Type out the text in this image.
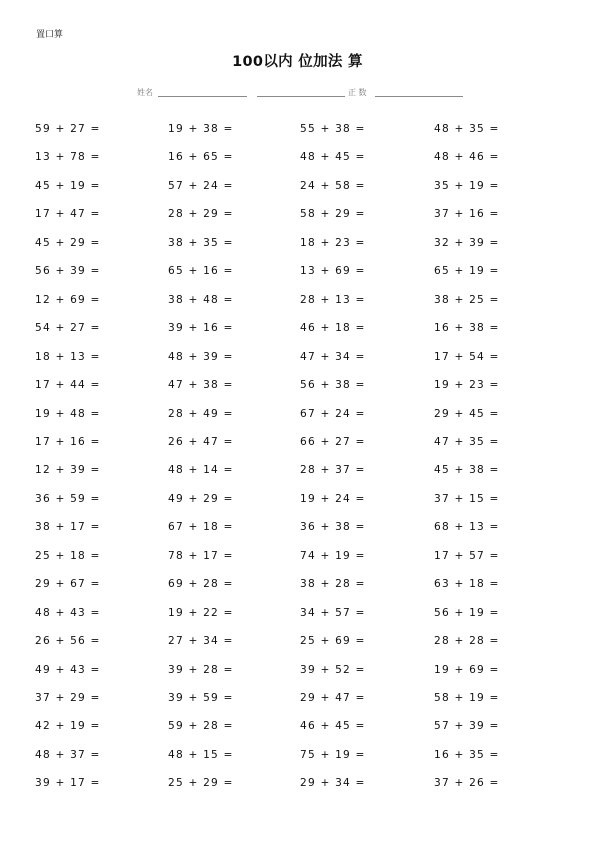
置口算
100以内 位加法 算
姓名	正 数
59 + 27 =
13 + 78 =
45 + 19 =
17 + 47 =
45 + 29 =
56 + 39 =
12 + 69 =
54 + 27 =
18 + 13 =
17 + 44 =
19 + 48 =
17 + 16 =
12 + 39 =
36 + 59 =
38 + 17 =
25 + 18 =
29 + 67 =
48 + 43 =
26 + 56 =
49 + 43 =
37 + 29 =
42 + 19 =
48 + 37 =
39 + 17 =
19 + 38 =
16 + 65 =
57 + 24 =
28 + 29 =
38 + 35 =
65 + 16 =
38 + 48 =
39 + 16 =
48 + 39 =
47 + 38 =
28 + 49 =
26 + 47 =
48 + 14 =
49 + 29 =
67 + 18 =
78 + 17 =
69 + 28 =
19 + 22 =
27 + 34 =
39 + 28 =
39 + 59 =
59 + 28 =
48 + 15 =
25 + 29 =
55 + 38 =
48 + 45 =
24 + 58 =
58 + 29 =
18 + 23 =
13 + 69 =
28 + 13 =
46 + 18 =
47 + 34 =
56 + 38 =
67 + 24 =
66 + 27 =
28 + 37 =
19 + 24 =
36 + 38 =
74 + 19 =
38 + 28 =
34 + 57 =
25 + 69 =
39 + 52 =
29 + 47 =
46 + 45 =
75 + 19 =
29 + 34 =
48 + 35 =
48 + 46 =
35 + 19 =
37 + 16 =
32 + 39 =
65 + 19 =
38 + 25 =
16 + 38 =
17 + 54 =
19 + 23 =
29 + 45 =
47 + 35 =
45 + 38 =
37 + 15 =
68 + 13 =
17 + 57 =
63 + 18 =
56 + 19 =
28 + 28 =
19 + 69 =
58 + 19 =
57 + 39 =
16 + 35 =
37 + 26 =
